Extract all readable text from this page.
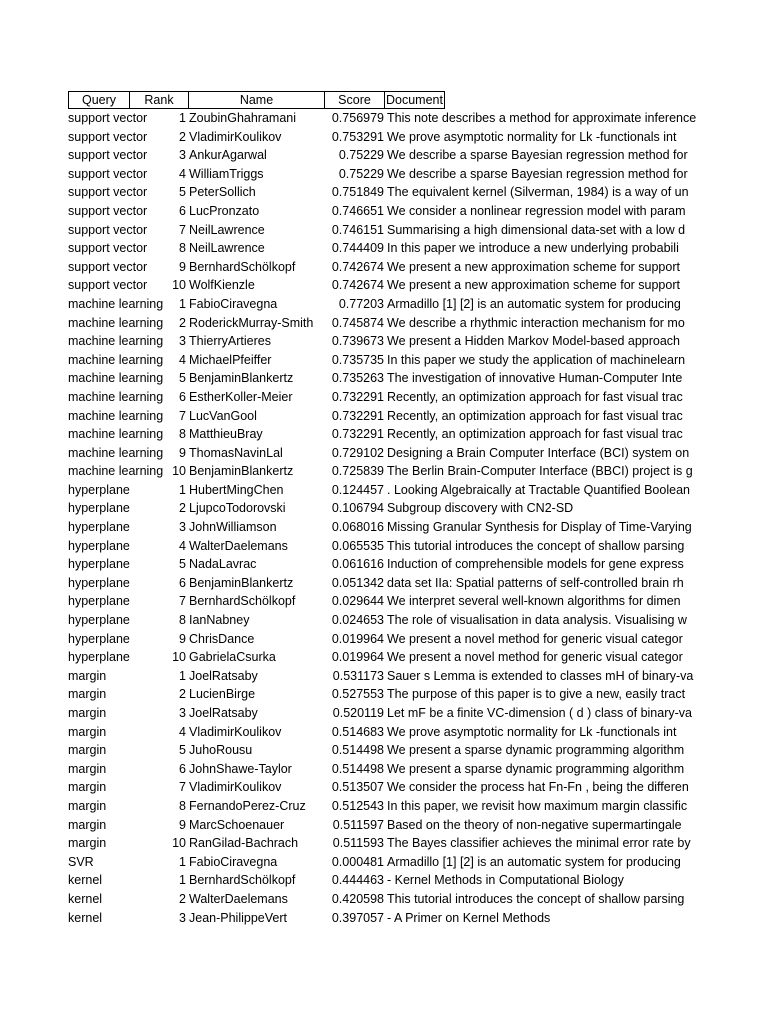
Query	Rank	Name	Score	Document
support vector	1 ZoubinGhahramani	0.756979 This note describes a method for approximate inference
support vector	2 VladimirKoulikov	0.753291 We prove asymptotic normality for Lk -functionals int
support vector	3 AnkurAgarwal	0.75229 We describe a sparse Bayesian regression method for
support vector	4 WilliamTriggs	0.75229 We describe a sparse Bayesian regression method for
support vector	5 PeterSollich	0.751849 The equivalent kernel (Silverman, 1984) is a way of un
support vector	6 LucPronzato	0.746651 We consider a nonlinear regression model with param
support vector	7 NeilLawrence	0.746151 Summarising a high dimensional data-set with a low d
support vector	8 NeilLawrence	0.744409 In this paper we introduce a new underlying probabili
support vector	9 BernhardSchölkopf	0.742674 We present a new approximation scheme for support
support vector	10 WolfKienzle	0.742674 We present a new approximation scheme for support
machine learning	1 FabioCiravegna	0.77203 Armadillo [1] [2] is an automatic system for producing
machine learning	2 RoderickMurray-Smith	0.745874 We describe a rhythmic interaction mechanism for mo
machine learning	3 ThierryArtieres	0.739673 We present a Hidden Markov Model-based approach
machine learning	4 MichaelPfeiffer	0.735735 In this paper we study the application of machinelearn
machine learning	5 BenjaminBlankertz	0.735263 The investigation of innovative Human-Computer Inte
machine learning	6 EstherKoller-Meier	0.732291 Recently, an optimization approach for fast visual trac
machine learning	7 LucVanGool	0.732291 Recently, an optimization approach for fast visual trac
machine learning	8 MatthieuBray	0.732291 Recently, an optimization approach for fast visual trac
machine learning	9 ThomasNavinLal	0.729102 Designing a Brain Computer Interface (BCI) system on
machine learning 10 BenjaminBlankertz	0.725839 The Berlin Brain-Computer Interface (BBCI) project is g
hyperplane	1 HubertMingChen	0.124457 . Looking Algebraically at Tractable Quantified Boolean
hyperplane	2 LjupcoTodorovski	0.106794 Subgroup discovery with CN2-SD
hyperplane	3 JohnWilliamson	0.068016 Missing Granular Synthesis for Display of Time-Varying
hyperplane	4 WalterDaelemans	0.065535 This tutorial introduces the concept of shallow parsing
hyperplane	5 NadaLavrac	0.061616 Induction of comprehensible models for gene express
hyperplane	6 BenjaminBlankertz	0.051342 data set IIa: Spatial patterns of self-controlled brain rh
hyperplane	7 BernhardSchölkopf	0.029644 We interpret several well-known algorithms for dimen
hyperplane	8 IanNabney	0.024653 The role of visualisation in data analysis. Visualising w
hyperplane	9 ChrisDance	0.019964 We present a novel method for generic visual categor
hyperplane	10 GabrielaCsurka	0.019964 We present a novel method for generic visual categor
margin	1 JoelRatsaby	0.531173 Sauer s Lemma is extended to classes mH of binary-va
margin	2 LucienBirge	0.527553 The purpose of this paper is to give a new, easily tract
margin	3 JoelRatsaby	0.520119 Let mF be a finite VC-dimension ( d ) class of binary-va
margin	4 VladimirKoulikov	0.514683 We prove asymptotic normality for Lk -functionals int
margin	5 JuhoRousu	0.514498 We present a sparse dynamic programming algorithm
margin	6 JohnShawe-Taylor	0.514498 We present a sparse dynamic programming algorithm
margin	7 VladimirKoulikov	0.513507 We consider the process hat Fn-Fn , being the differen
margin	8 FernandoPerez-Cruz	0.512543 In this paper, we revisit how maximum margin classific
margin	9 MarcSchoenauer	0.511597 Based on the theory of non-negative supermartingale
margin	10 RanGilad-Bachrach	0.511593 The Bayes classifier achieves the minimal error rate by
SVR	1 FabioCiravegna	0.000481 Armadillo [1] [2] is an automatic system for producing
kernel	1 BernhardSchölkopf	0.444463 - Kernel Methods in Computational Biology
kernel	2 WalterDaelemans	0.420598 This tutorial introduces the concept of shallow parsing
kernel	3 Jean-PhilippeVert	0.397057 - A Primer on Kernel Methods
